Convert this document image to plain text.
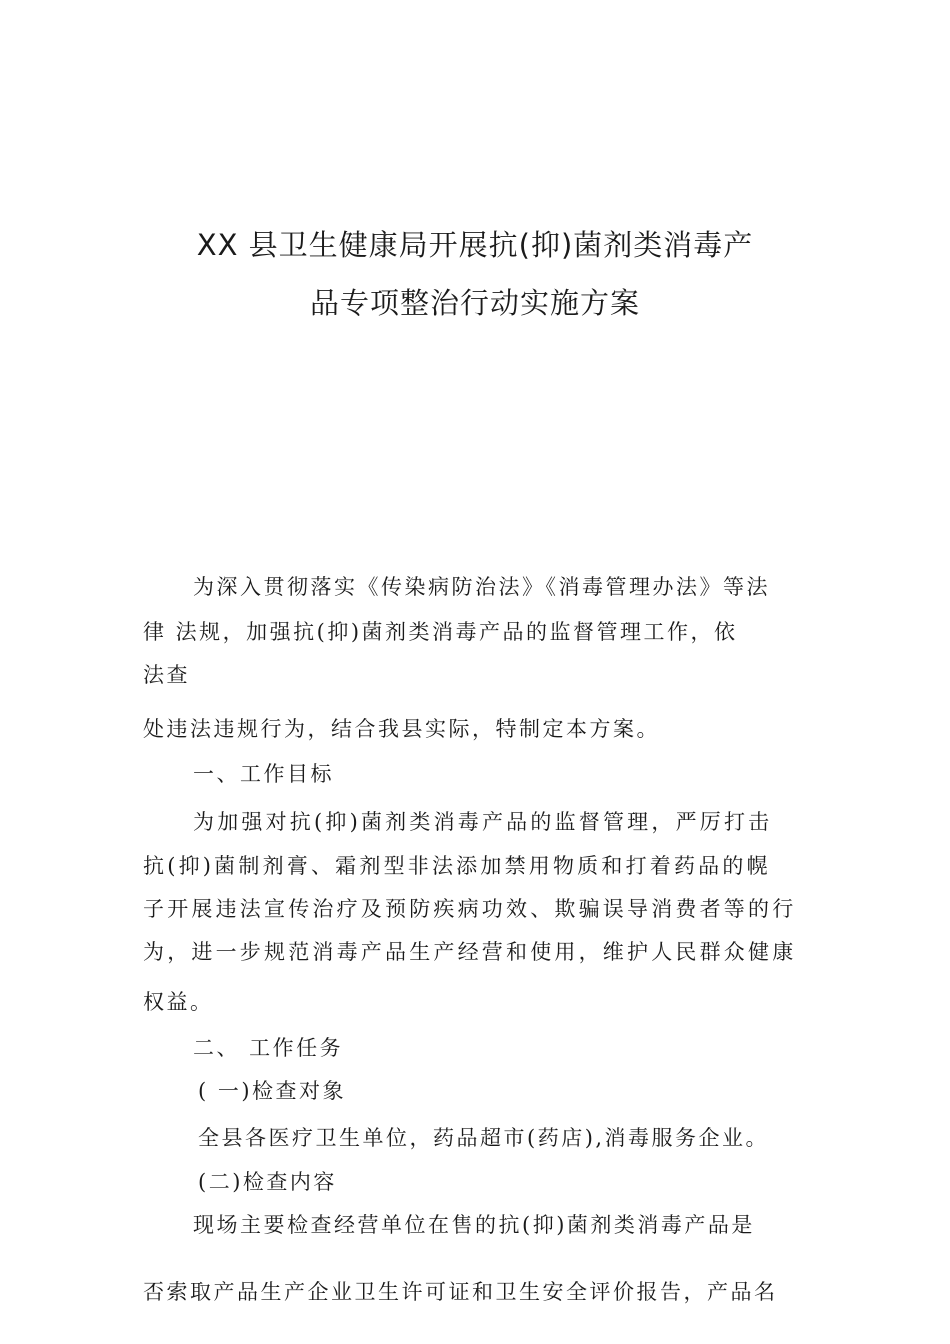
XX 县卫生健康局开展抗(抑)菌剂类消毒产
品专项整治行动实施方案
为深入贯彻落实《传染病防治法》《消毒管理办法》等法
律 法规，加强抗(抑)菌剂类消毒产品的监督管理工作，依
法查
处违法违规行为，结合我县实际，特制定本方案。
一、工作目标
为加强对抗(抑)菌剂类消毒产品的监督管理，严厉打击
抗(抑)菌制剂膏、霜剂型非法添加禁用物质和打着药品的幌
子开展违法宣传治疗及预防疾病功效、欺骗误导消费者等的行
为，进一步规范消毒产品生产经营和使用，维护人民群众健康
权益。
二、 工作任务
( 一)检查对象
全县各医疗卫生单位，药品超市(药店),消毒服务企业。
(二)检查内容
现场主要检查经营单位在售的抗(抑)菌剂类消毒产品是
否索取产品生产企业卫生许可证和卫生安全评价报告，产品名
